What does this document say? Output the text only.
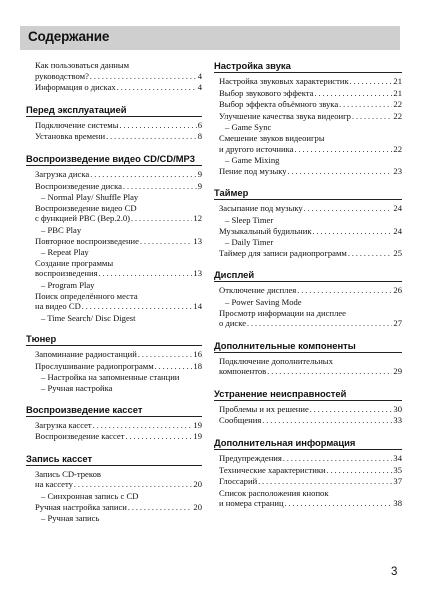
Содержание
Как пользоваться данным
руководством? . . .	4
Информация о дисках . . .	4
Перед эксплуатацией
Подключение системы . . .	6
Установка времени . . .	8
Воспроизведение видео CD/CD/MP3
Загрузка диска . . .	9
Воспроизведение диска . . .	9
– Normal Play/ Shuffle Play
Воспроизведение видео CD
с функцией PBC (Вер.2.0) . . .	12
– PBC Play
Повторное воспроизведение . . .	13
– Repeat Play
Создание программы
воспроизведения . . .	13
– Program Play
Поиск определённого места
на видео CD . . .	14
– Time Search/ Disc Digest
Тюнер
Запоминание радиостанций . . .	16
Прослушивание радиопрограмм . . .	18
– Настройка на запомненные станции
– Ручная настройка
Воспроизведение кассет
Загрузка кассет . . .	19
Воспроизведение кассет . . .	19
Запись кассет
Запись CD-треков
на кассету . . .	20
– Синхронная запись с CD
Ручная настройка записи . . .	20
– Ручная запись
Настройка звука
Настройка звуковых характеристик . . .	21
Выбор звукового эффекта . . .	21
Выбор эффекта объёмного звука . . .	22
Улучшение качества звука видеоигр . . .	22
– Game Sync
Смешение звуков видеоигры
и другого источника . . .	22
– Game Mixing
Пение под музыку . . .	23
Таймер
Засыпание под музыку . . .	24
– Sleep Timer
Музыкальный будильник . . .	24
– Daily Timer
Таймер для записи радиопрограмм . . .	25
Дисплей
Отключение дисплея . . .	26
– Power Saving Mode
Просмотр информации на дисплее
о диске . . .	27
Дополнительные компоненты
Подключение дополнительных
компонентов . . .	29
Устранение неисправностей
Проблемы и их решение . . .	30
Сообщения . . .	33
Дополнительная информация
Предупреждения . . .	34
Технические характеристики . . .	35
Глоссарий . . .	37
Список расположения кнопок
и номера страниц . . .	38
3
